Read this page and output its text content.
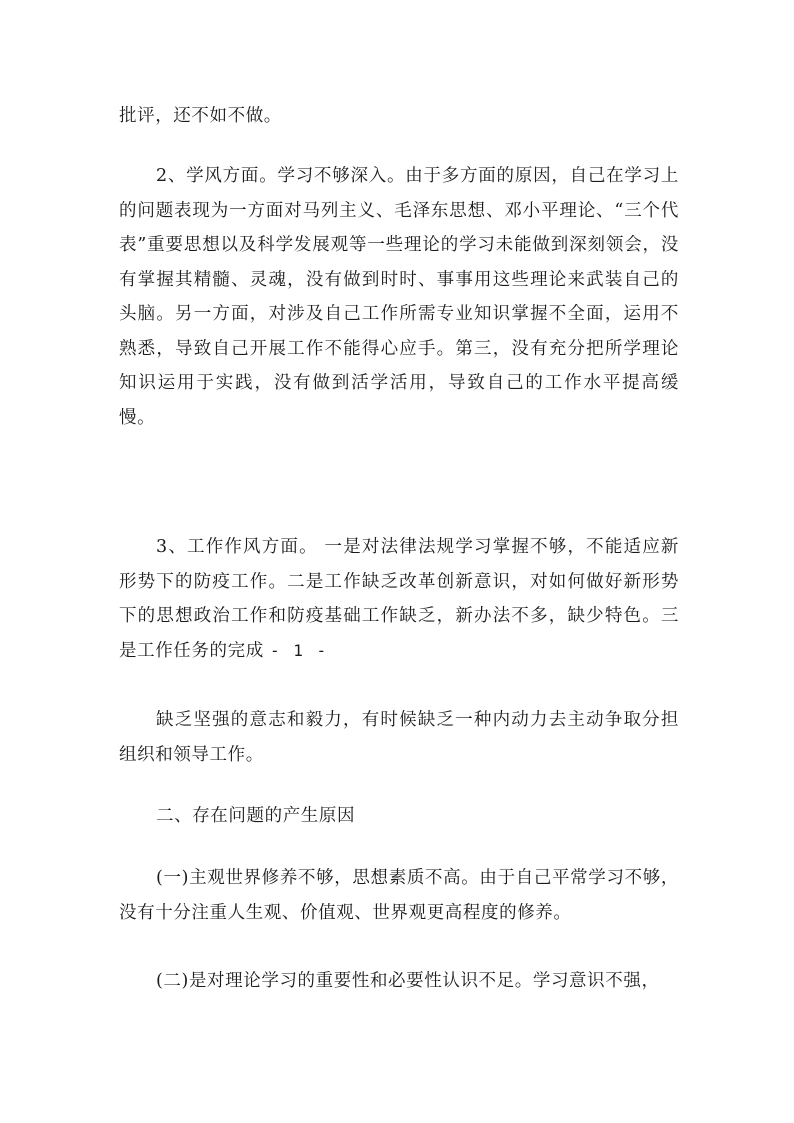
批评，还不如不做。

2、学风方面。学习不够深入。由于多方面的原因，自己在学习上的问题表现为一方面对马列主义、毛泽东思想、邓小平理论、“三个代表”重要思想以及科学发展观等一些理论的学习未能做到深刻领会，没有掌握其精髓、灵魂，没有做到时时、事事用这些理论来武装自己的头脑。另一方面，对涉及自己工作所需专业知识掌握不全面，运用不熟悉，导致自己开展工作不能得心应手。第三，没有充分把所学理论知识运用于实践，没有做到活学活用，导致自己的工作水平提高缓慢。

3、工作作风方面。 一是对法律法规学习掌握不够，不能适应新形势下的防疫工作。二是工作缺乏改革创新意识，对如何做好新形势下的思想政治工作和防疫基础工作缺乏，新办法不多，缺少特色。三是工作任务的完成 - 1 -

缺乏坚强的意志和毅力，有时候缺乏一种内动力去主动争取分担组织和领导工作。

二、存在问题的产生原因

(一)主观世界修养不够，思想素质不高。由于自己平常学习不够，没有十分注重人生观、价值观、世界观更高程度的修养。

(二)是对理论学习的重要性和必要性认识不足。学习意识不强，
